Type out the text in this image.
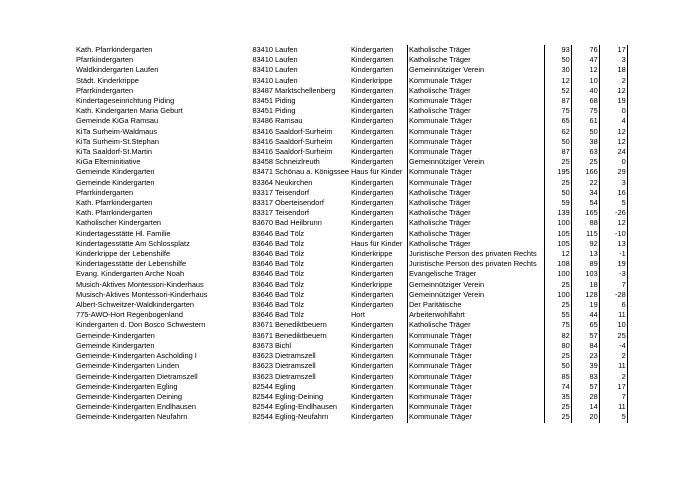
Kath. Pfarrkindergarten	83410	Laufen	Kindergarten	Katholische Träger		93	76	17
Pfarrkindergarten	83410	Laufen	Kindergarten	Katholische Träger		50	47	3
Waldkindergarten Laufen	83410	Laufen	Kindergarten	Gemeinnütziger Verein		30	12	18
Städt. Kinderkrippe	83410	Laufen	Kinderkrippe	Kommunale Träger		12	10	2
Pfarrkindergarten	83487	Marktschellenberg	Kindergarten	Katholische Träger		52	40	12
Kindertageseinrichtung Piding	83451	Piding	Kindergarten	Kommunale Träger		87	68	19
Kath. Kindergarten Maria Geburt	83451	Piding	Kindergarten	Katholische Träger		75	75	0
Gemeinde KiGa Ramsau	83486	Ramsau	Kindergarten	Kommunale Träger		65	61	4
KiTa Surheim-Waldmaus	83416	Saaldorf-Surheim	Kindergarten	Kommunale Träger		62	50	12
KiTa Surheim-St.Stephan	83416	Saaldorf-Surheim	Kindergarten	Kommunale Träger		50	38	12
KiTa Saaldorf-St.Martin	83416	Saaldorf-Surheim	Kindergarten	Kommunale Träger		87	63	24
KiGa Elterninitiative	83458	Schneizlreuth	Kindergarten	Gemeinnütziger Verein		25	25	0
Gemeinde Kindergarten	83471	Schönau a. Königssee	Haus für Kinder	Kommunale Träger		195	166	29
Gemeinde Kindergarten	83364	Neukirchen	Kindergarten	Kommunale Träger		25	22	3
Pfarrkindergarten	83317	Teisendorf	Kindergarten	Katholische Träger		50	34	16
Kath. Pfarrkindergarten	83317	Oberteisendorf	Kindergarten	Katholische Träger		59	54	5
Kath. Pfarrkindergarten	83317	Teisendorf	Kindergarten	Katholische Träger		139	165	-26
Katholischer Kindergarten	83670	Bad Heilbrunn	Kindergarten	Katholische Träger		100	88	12
Kindertagesstätte Hl. Familie	83646	Bad Tölz	Kindergarten	Katholische Träger		105	115	-10
Kindertagesstätte Am Schlossplatz	83646	Bad Tölz	Haus für Kinder	Katholische Träger		105	92	13
Kinderkrippe der Lebenshilfe	83646	Bad Tölz	Kinderkrippe	Juristische Person des privaten Rechts		12	13	-1
Kindertagesstätte der Lebenshilfe	83646	Bad Tölz	Kindergarten	Juristische Person des privaten Rechts		108	89	19
Evang. Kindergarten Arche Noah	83646	Bad Tölz	Kindergarten	Evangelische Träger		100	103	-3
Musich-Aktives Montessori-Kinderhaus	83646	Bad Tölz	Kinderkrippe	Gemeinnütziger Verein		25	18	7
Musisch-Aktives Montessori-Kinderhaus	83646	Bad Tölz	Kindergarten	Gemeinnütziger Verein		100	128	-28
Albert-Schweitzer-Waldkindergarten	83646	Bad Tölz	Kindergarten	Der Paritätische		25	19	6
775-AWO-Hort Regenbogenland	83646	Bad Tölz	Hort	Arbeiterwohlfahrt		55	44	11
Kindergarten d. Don Bosco Schwestern	83671	Benediktbeuern	Kindergarten	Katholische Träger		75	65	10
Gemeinde-Kindergarten	83671	Benediktbeuern	Kindergarten	Kommunale Träger		82	57	25
Gemeinde Kindergarten	83673	Bichl	Kindergarten	Kommunale Träger		80	84	-4
Gemeinde-Kindergarten Ascholding I	83623	Dietramszell	Kindergarten	Kommunale Träger		25	23	2
Gemeinde-Kindergarten Linden	83623	Dietramszell	Kindergarten	Kommunale Träger		50	39	11
Gemeinde-Kindergarten Dietramszell	83623	Dietramszell	Kindergarten	Kommunale Träger		85	83	2
Gemeinde-Kindergarten Egling	82544	Egling	Kindergarten	Kommunale Träger		74	57	17
Gemeinde-Kindergarten Deining	82544	Egling-Deining	Kindergarten	Kommunale Träger		35	28	7
Gemeinde-Kindergarten Endlhausen	82544	Egling-Endlhausen	Kindergarten	Kommunale Träger		25	14	11
Gemeinde-Kindergarten Neufahrn	82544	Egling-Neufahrn	Kindergarten	Kommunale Träger		25	20	5
